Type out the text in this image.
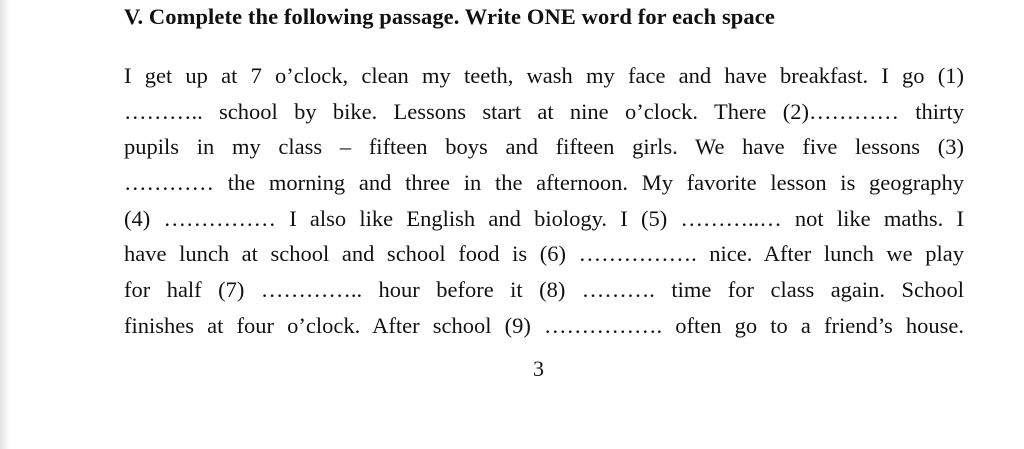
V. Complete the following passage. Write ONE word for each space
I get up at 7 o’clock, clean my teeth, wash my face and have breakfast. I go (1)
……….. school by bike. Lessons start at nine o’clock. There (2)………… thirty
pupils in my class – fifteen boys and fifteen girls. We have five lessons (3)
………… the morning and three in the afternoon. My favorite lesson is geography
(4) …………… I also like English and biology. I (5) ………..… not like maths. I
have lunch at school and school food is (6) ……………. nice. After lunch we play
for half (7) ………….. hour before it (8) ………. time for class again. School
finishes at four o’clock. After school (9) ……………. often go to a friend’s house.
3
